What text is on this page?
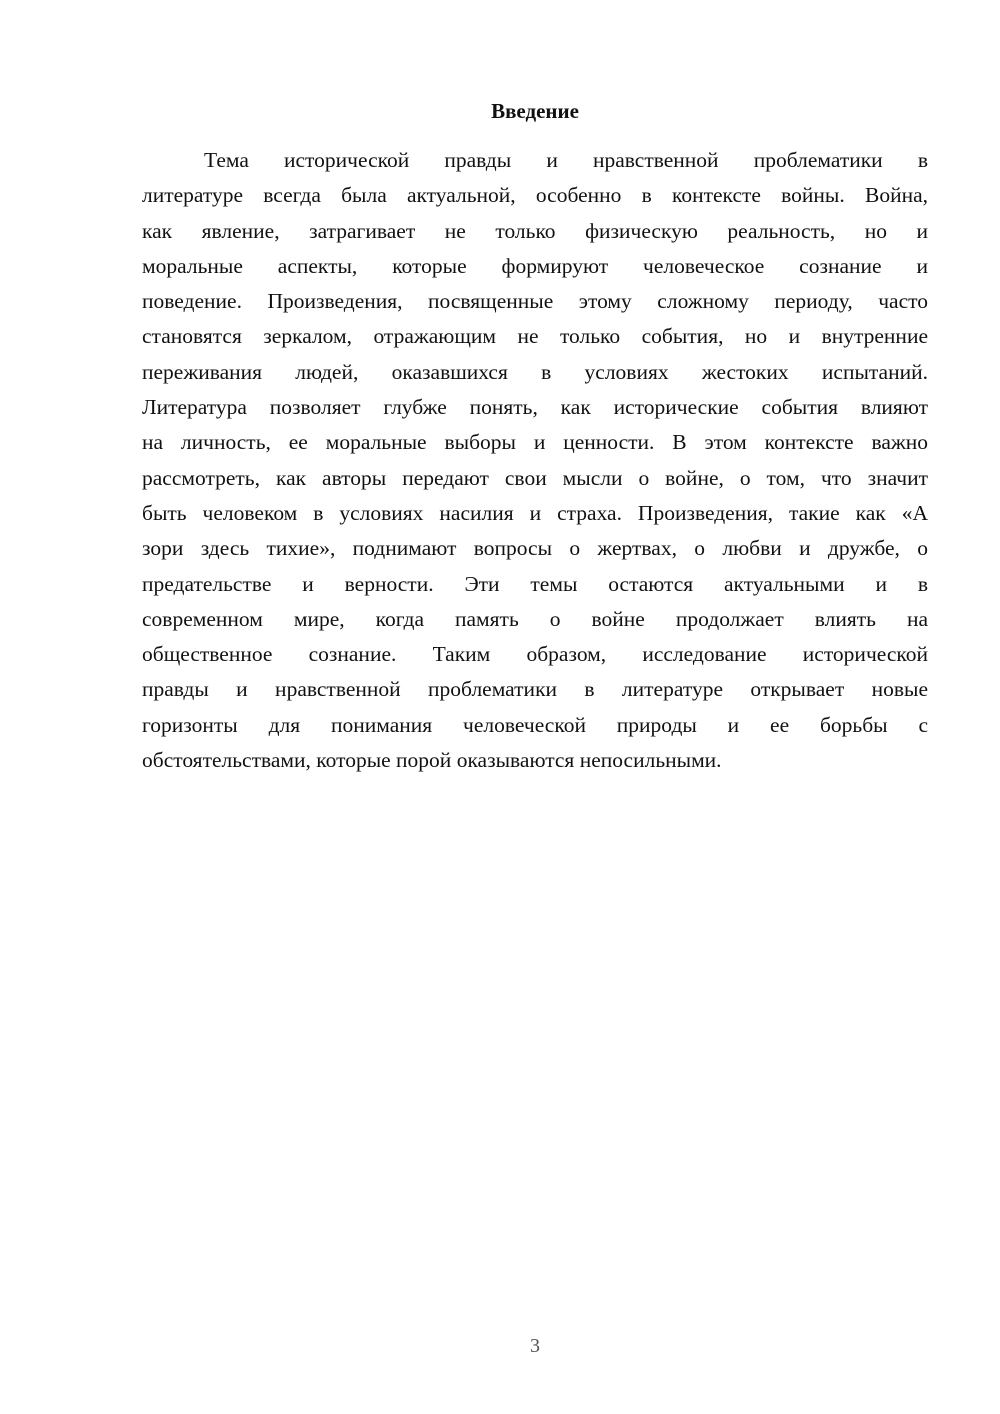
Введение
Тема исторической правды и нравственной проблематики в
литературе всегда была актуальной, особенно в контексте войны. Война,
как явление, затрагивает не только физическую реальность, но и
моральные аспекты, которые формируют человеческое сознание и
поведение. Произведения, посвященные этому сложному периоду, часто
становятся зеркалом, отражающим не только события, но и внутренние
переживания людей, оказавшихся в условиях жестоких испытаний.
Литература позволяет глубже понять, как исторические события влияют
на личность, ее моральные выборы и ценности. В этом контексте важно
рассмотреть, как авторы передают свои мысли о войне, о том, что значит
быть человеком в условиях насилия и страха. Произведения, такие как «А
зори здесь тихие», поднимают вопросы о жертвах, о любви и дружбе, о
предательстве и верности. Эти темы остаются актуальными и в
современном мире, когда память о войне продолжает влиять на
общественное сознание. Таким образом, исследование исторической
правды и нравственной проблематики в литературе открывает новые
горизонты для понимания человеческой природы и ее борьбы с
обстоятельствами, которые порой оказываются непосильными.
3
